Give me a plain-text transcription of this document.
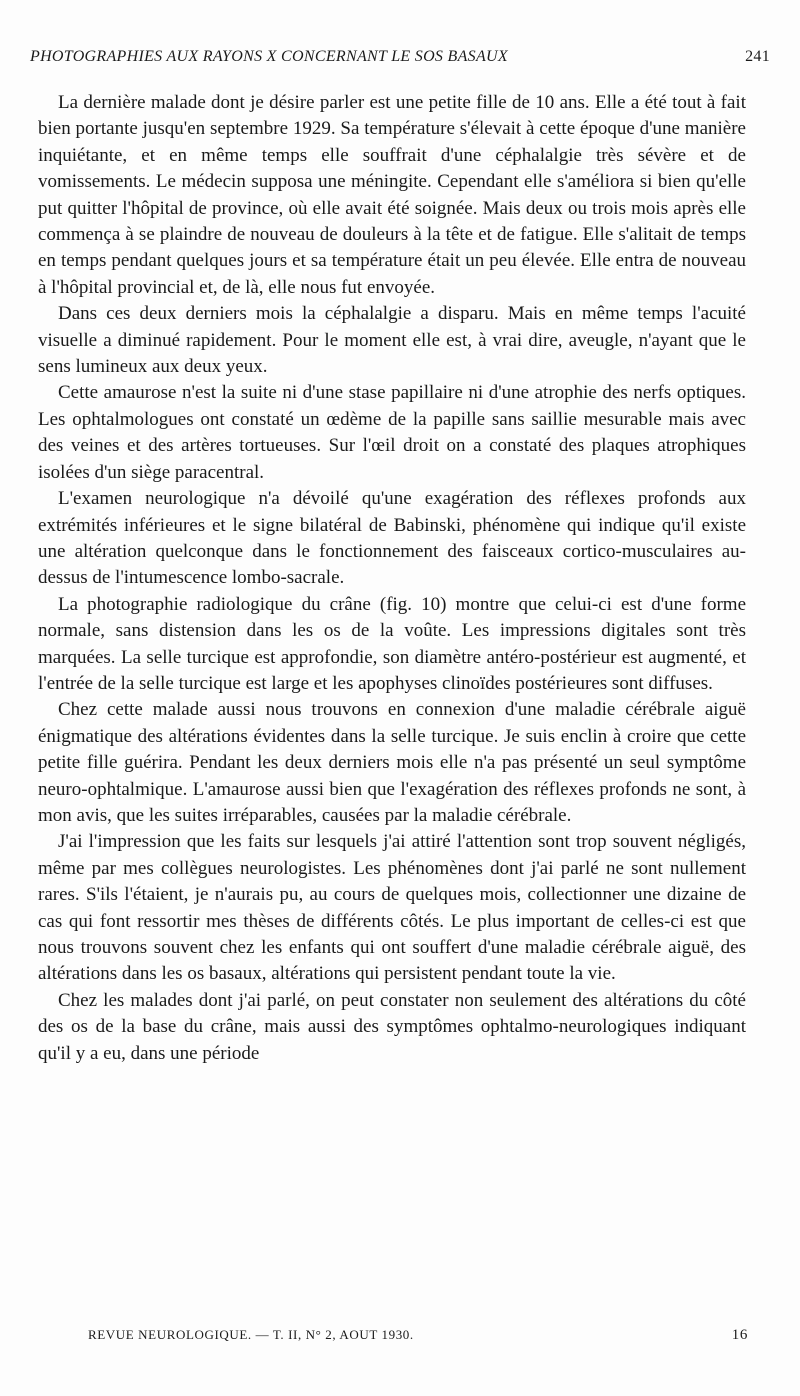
PHOTOGRAPHIES AUX RAYONS X CONCERNANT LE SOS BASAUX	241

La dernière malade dont je désire parler est une petite fille de 10 ans. Elle a été tout à fait bien portante jusqu'en septembre 1929. Sa température s'élevait à cette époque d'une manière inquiétante, et en même temps elle souffrait d'une céphalalgie très sévère et de vomissements. Le médecin supposa une méningite. Cependant elle s'améliora si bien qu'elle put quitter l'hôpital de province, où elle avait été soignée. Mais deux ou trois mois après elle commença à se plaindre de nouveau de douleurs à la tête et de fatigue. Elle s'alitait de temps en temps pendant quelques jours et sa température était un peu élevée. Elle entra de nouveau à l'hôpital provincial et, de là, elle nous fut envoyée.

Dans ces deux derniers mois la céphalalgie a disparu. Mais en même temps l'acuité visuelle a diminué rapidement. Pour le moment elle est, à vrai dire, aveugle, n'ayant que le sens lumineux aux deux yeux.

Cette amaurose n'est la suite ni d'une stase papillaire ni d'une atrophie des nerfs optiques. Les ophtalmologues ont constaté un œdème de la papille sans saillie mesurable mais avec des veines et des artères tortueuses. Sur l'œil droit on a constaté des plaques atrophiques isolées d'un siège paracentral.

L'examen neurologique n'a dévoilé qu'une exagération des réflexes profonds aux extrémités inférieures et le signe bilatéral de Babinski, phénomène qui indique qu'il existe une altération quelconque dans le fonctionnement des faisceaux cortico-musculaires au-dessus de l'intumescence lombo-sacrale.

La photographie radiologique du crâne (fig. 10) montre que celui-ci est d'une forme normale, sans distension dans les os de la voûte. Les impressions digitales sont très marquées. La selle turcique est approfondie, son diamètre antéro-postérieur est augmenté, et l'entrée de la selle turcique est large et les apophyses clinoïdes postérieures sont diffuses.

Chez cette malade aussi nous trouvons en connexion d'une maladie cérébrale aiguë énigmatique des altérations évidentes dans la selle turcique. Je suis enclin à croire que cette petite fille guérira. Pendant les deux derniers mois elle n'a pas présenté un seul symptôme neuro-ophtalmique. L'amaurose aussi bien que l'exagération des réflexes profonds ne sont, à mon avis, que les suites irréparables, causées par la maladie cérébrale.

J'ai l'impression que les faits sur lesquels j'ai attiré l'attention sont trop souvent négligés, même par mes collègues neurologistes. Les phénomènes dont j'ai parlé ne sont nullement rares. S'ils l'étaient, je n'aurais pu, au cours de quelques mois, collectionner une dizaine de cas qui font ressortir mes thèses de différents côtés. Le plus important de celles-ci est que nous trouvons souvent chez les enfants qui ont souffert d'une maladie cérébrale aiguë, des altérations dans les os basaux, altérations qui persistent pendant toute la vie.

Chez les malades dont j'ai parlé, on peut constater non seulement des altérations du côté des os de la base du crâne, mais aussi des symptômes ophtalmo-neurologiques indiquant qu'il y a eu, dans une période

REVUE NEUROLOGIQUE. — T. II, N° 2, AOUT 1930.	16
